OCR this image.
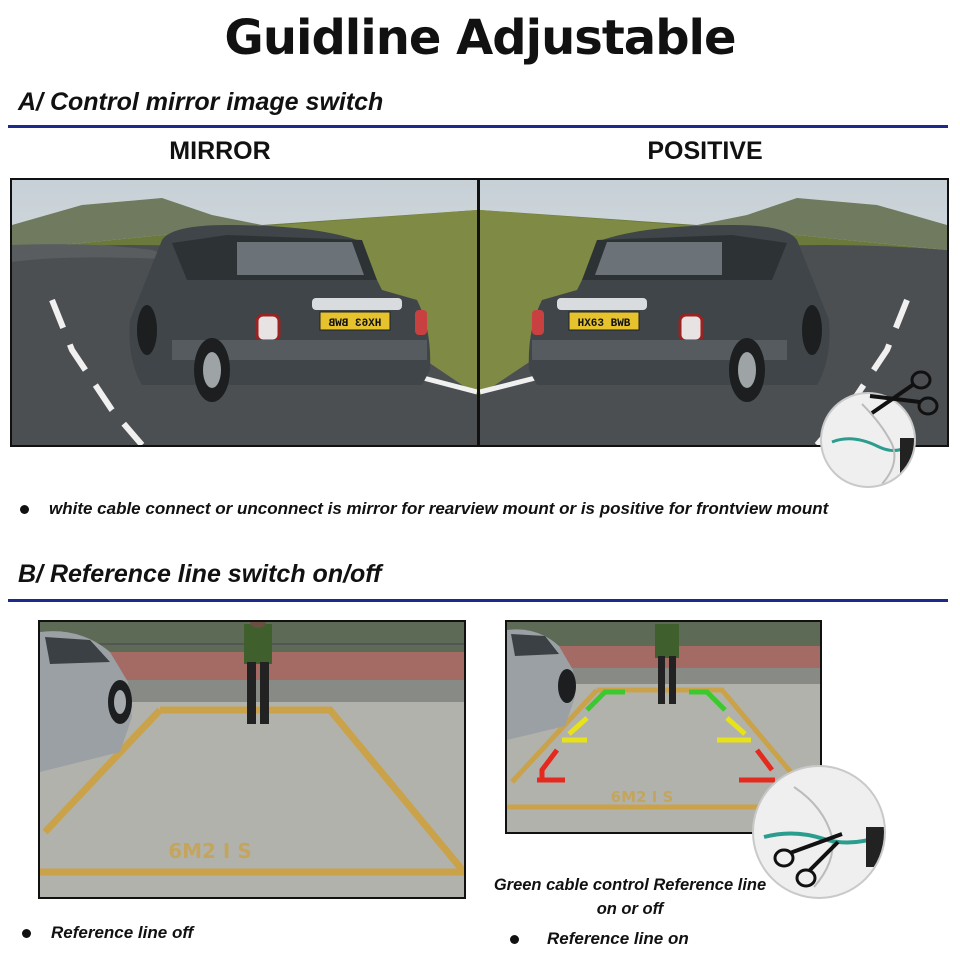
Guidline Adjustable
A/ Control mirror image switch
MIRROR	POSITIVE
HX63 BWB	HX63 BWB
white cable connect or unconnect is mirror for rearview mount or is positive for frontview mount
B/ Reference line switch on/off
6M2 I S
6M2 I S
Green cable control Reference line
on or off
Reference line off	Reference line on
